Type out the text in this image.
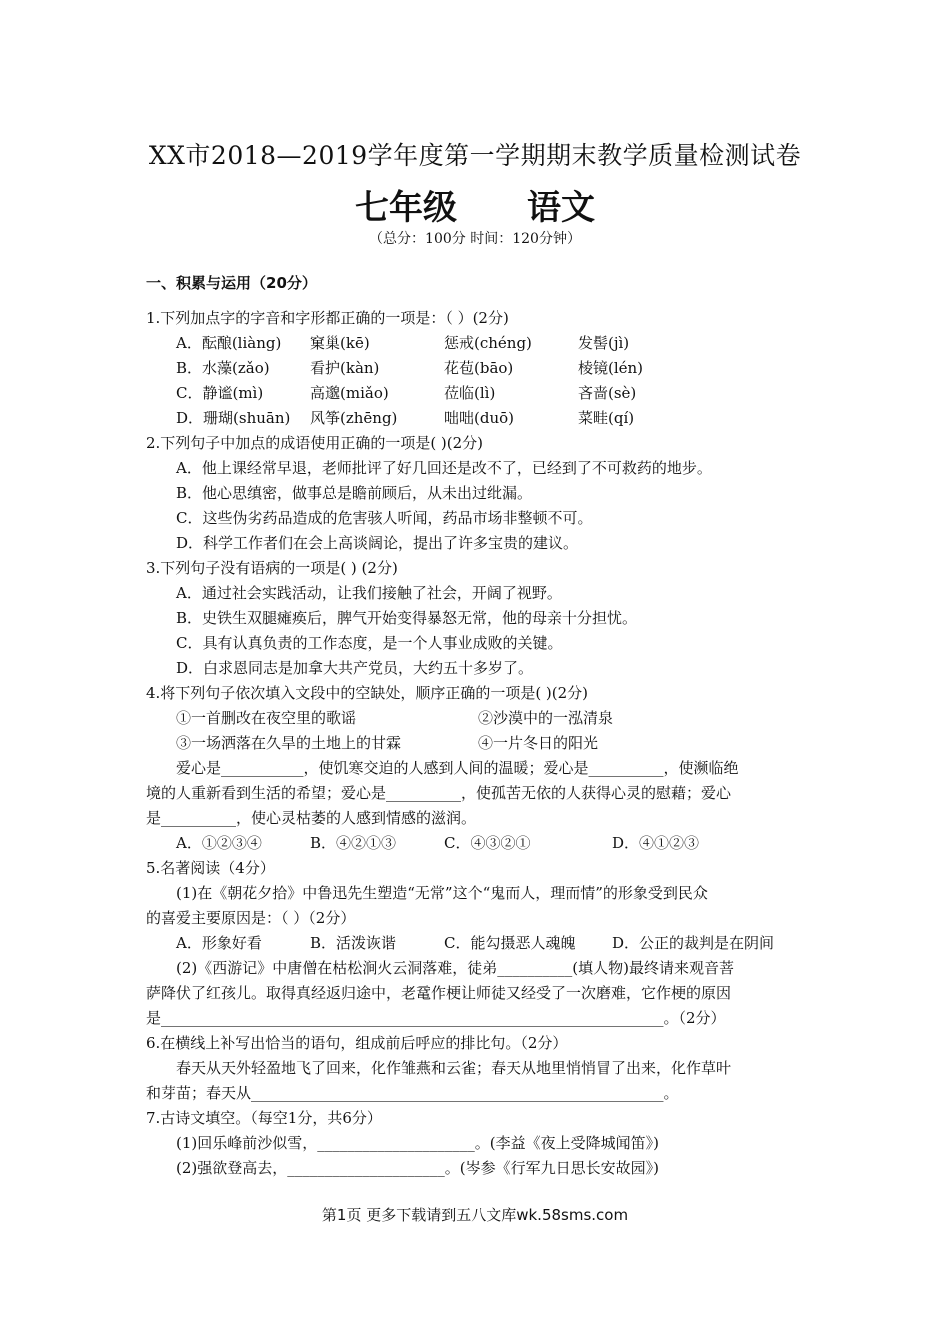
XX市2018—2019学年度第一学期期末教学质量检测试卷
七年级 语文
（总分：100分 时间：120分钟）
一、积累与运用（20分）
1.下列加点字的字音和字形都正确的一项是：（ ）(2分)
A．酝酿(liàng)	窠巢(kē)	惩戒(chéng)	发髻(jì)
B．水藻(zǎo)	看护(kàn)	花苞(bāo)	棱镜(lén)
C．静谧(mì)	高邈(miǎo)	莅临(lì)	吝啬(sè)
D．珊瑚(shuān)	风筝(zhēng)	咄咄(duō)	菜畦(qí)
2.下列句子中加点的成语使用正确的一项是( )(2分)
A．他上课经常早退，老师批评了好几回还是改不了，已经到了不可救药的地步。
B．他心思缜密，做事总是瞻前顾后，从未出过纰漏。
C．这些伪劣药品造成的危害骇人听闻，药品市场非整顿不可。
D．科学工作者们在会上高谈阔论，提出了许多宝贵的建议。
3.下列句子没有语病的一项是( ) (2分)
A．通过社会实践活动，让我们接触了社会，开阔了视野。
B．史铁生双腿瘫痪后，脾气开始变得暴怒无常，他的母亲十分担忧。
C．具有认真负责的工作态度，是一个人事业成败的关键。
D．白求恩同志是加拿大共产党员，大约五十多岁了。
4.将下列句子依次填入文段中的空缺处，顺序正确的一项是( )(2分)
①一首删改在夜空里的歌谣	②沙漠中的一泓清泉
③一场洒落在久旱的土地上的甘霖	④一片冬日的阳光
爱心是___________，使饥寒交迫的人感到人间的温暖；爱心是__________，使濒临绝
境的人重新看到生活的希望；爱心是__________，使孤苦无依的人获得心灵的慰藉；爱心
是__________，使心灵枯萎的人感到情感的滋润。
A．①②③④	B．④②①③	C．④③②①	D．④①②③
5.名著阅读（4分）
(1)在《朝花夕拾》中鲁迅先生塑造“无常”这个“鬼而人，理而情”的形象受到民众
的喜爱主要原因是：（ ）（2分）
A．形象好看	B．活泼诙谐	C．能勾摄恶人魂魄	D．公正的裁判是在阴间
(2)《西游记》中唐僧在枯松涧火云洞落难，徒弟__________(填人物)最终请来观音菩
萨降伏了红孩儿。取得真经返归途中，老鼋作梗让师徒又经受了一次磨难，它作梗的原因
是___________________________________________________________________。（2分）
6.在横线上补写出恰当的语句，组成前后呼应的排比句。（2分）
春天从天外轻盈地飞了回来，化作雏燕和云雀；春天从地里悄悄冒了出来，化作草叶
和芽苗；春天从_______________________________________________________。
7.古诗文填空。（每空1分，共6分）
(1)回乐峰前沙似雪，_____________________。(李益《夜上受降城闻笛》)
(2)强欲登高去，_____________________。(岑参《行军九日思长安故园》)
第1页 更多下载请到五八文库wk.58sms.com
